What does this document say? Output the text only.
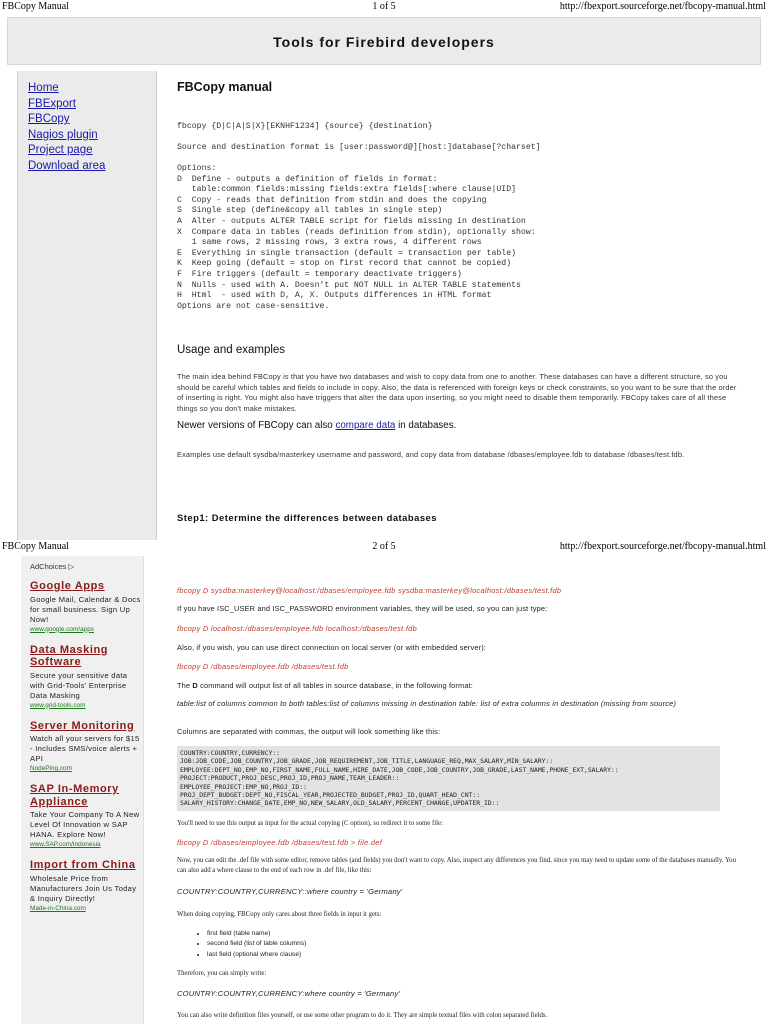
FBCopy Manual	1 of 5	http://fbexport.sourceforge.net/fbcopy-manual.html
Tools for Firebird developers
Home
FBExport
FBCopy
Nagios plugin
Project page
Download area
FBCopy manual
fbcopy {D|C|A|S|X}[EKNHF1234] {source} {destination}
Source and destination format is [user:password@][host:]database[?charset]
Options:
D  Define - outputs a definition of fields in format:
table:common fields:missing fields:extra fields[:where clause|UID]
C  Copy - reads that definition from stdin and does the copying
S  Single step (define&copy all tables in single step)
A  Alter - outputs ALTER TABLE script for fields missing in destination
X  Compare data in tables (reads definition from stdin), optionally show:
1 same rows, 2 missing rows, 3 extra rows, 4 different rows
E  Everything in single transaction (default = transaction per table)
K  Keep going (default = stop on first record that cannot be copied)
F  Fire triggers (default = temporary deactivate triggers)
N  Nulls - used with A. Doesn't put NOT NULL in ALTER TABLE statements
H  Html  - used with D, A, X. Outputs differences in HTML format
Options are not case-sensitive.
Usage and examples

The main idea behind FBCopy is that you have two databases and wish to copy data from one to another. These databases can have a different structure, so you should be careful which tables and fields to include in copy. Also, the data is referenced with foreign keys or check constraints, so you want to be sure that the order of inserting is right. You might also have triggers that alter the data upon inserting, so you might need to disable them temporarily. FBCopy takes care of all these things so you don't make mistakes.

Newer versions of FBCopy can also compare data in databases.

Examples use default sysdba/masterkey username and password, and copy data from database /dbases/employee.fdb to database /dbases/test.fdb.

Step1: Determine the differences between databases
FBCopy Manual	2 of 5	http://fbexport.sourceforge.net/fbcopy-manual.html
AdChoices ▷
Google Apps

Google Mail, Calendar & Docs for small business. Sign Up Now!

www.google.com/apps
Data Masking Software

Secure your sensitive data with Grid-Tools' Enterprise Data Masking

www.grid-tools.com
Server Monitoring

Watch all your servers for $15 - Includes SMS/voice alerts + API

NodePing.com
SAP In-Memory Appliance

Take Your Company To A New Level Of Innovation w SAP HANA. Explore Now!

www.SAP.com/Indonesia
Import from China

Wholesale Price from Manufacturers Join Us Today & Inquiry Directly!

Made-in-China.com

fbcopy D sysdba:masterkey@localhost:/dbases/employee.fdb sysdba:masterkey@localhost:/dbases/test.fdb

If you have ISC_USER and ISC_PASSWORD environment variables, they will be used, so you can just type:

fbcopy D localhost:/dbases/employee.fdb localhost:/dbases/test.fdb

Also, if you wish, you can use direct connection on local server (or with embedded server):

fbcopy D /dbases/employee.fdb /dbases/test.fdb

The D command will output list of all tables in source database, in the following format:

table:list of columns common to both tables:list of columns missing in destination table: list of extra columns in destination (missing from source)

Columns are separated with commas, the output will look something like this:

COUNTRY:COUNTRY,CURRENCY::
JOB:JOB_CODE,JOB_COUNTRY,JOB_GRADE,JOB_REQUIREMENT,JOB_TITLE,LANGUAGE_REQ,MAX_SALARY,MIN_SALARY::
EMPLOYEE:DEPT_NO,EMP_NO,FIRST_NAME,FULL_NAME,HIRE_DATE,JOB_CODE,JOB_COUNTRY,JOB_GRADE,LAST_NAME,PHONE_EXT,SALARY::
PROJECT:PRODUCT,PROJ_DESC,PROJ_ID,PROJ_NAME,TEAM_LEADER::
EMPLOYEE_PROJECT:EMP_NO,PROJ_ID::
PROJ_DEPT_BUDGET:DEPT_NO,FISCAL_YEAR,PROJECTED_BUDGET,PROJ_ID,QUART_HEAD_CNT::
SALARY_HISTORY:CHANGE_DATE,EMP_NO,NEW_SALARY,OLD_SALARY,PERCENT_CHANGE,UPDATER_ID::

You'll need to use this output as input for the actual copying (C option), so redirect it to some file:

fbcopy D /dbases/employee.fdb /dbases/test.fdb > file.def

Now, you can edit the .def file with some editor, remove tables (and fields) you don't want to copy. Also, inspect any differences you find, since you may need to update some of the databases manually. You can also add a where clause to the end of each row in .def file, like this:

COUNTRY:COUNTRY,CURRENCY::where country = 'Germany'

When doing copying, FBCopy only cares about three fields in input it gets:

• first field (table name)
• second field (list of table columns)
• last field (optional where clause)

Therefore, you can simply write:

COUNTRY:COUNTRY,CURRENCY:where country = 'Germany'

You can also write definition files yourself, or use some other program to do it. They are simple textual files with colon separated fields.
